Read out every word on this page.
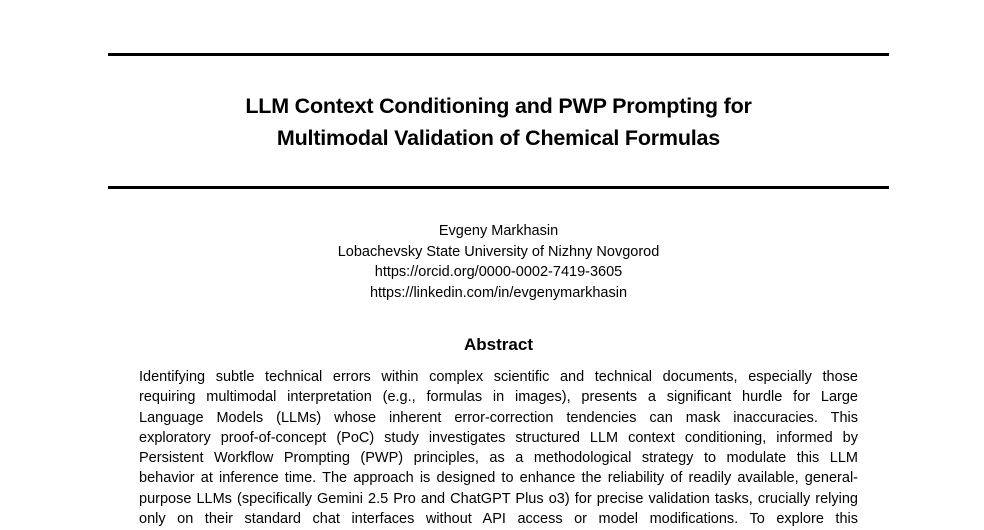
LLM Context Conditioning and PWP Prompting for
Multimodal Validation of Chemical Formulas
Evgeny Markhasin
Lobachevsky State University of Nizhny Novgorod
https://orcid.org/0000-0002-7419-3605
https://linkedin.com/in/evgenymarkhasin
Abstract
Identifying subtle technical errors within complex scientific and technical documents, especially those
requiring multimodal interpretation (e.g., formulas in images), presents a significant hurdle for Large
Language Models (LLMs) whose inherent error-correction tendencies can mask inaccuracies. This
exploratory proof-of-concept (PoC) study investigates structured LLM context conditioning, informed by
Persistent Workflow Prompting (PWP) principles, as a methodological strategy to modulate this LLM
behavior at inference time. The approach is designed to enhance the reliability of readily available, general-
purpose LLMs (specifically Gemini 2.5 Pro and ChatGPT Plus o3) for precise validation tasks, crucially relying
only on their standard chat interfaces without API access or model modifications. To explore this
